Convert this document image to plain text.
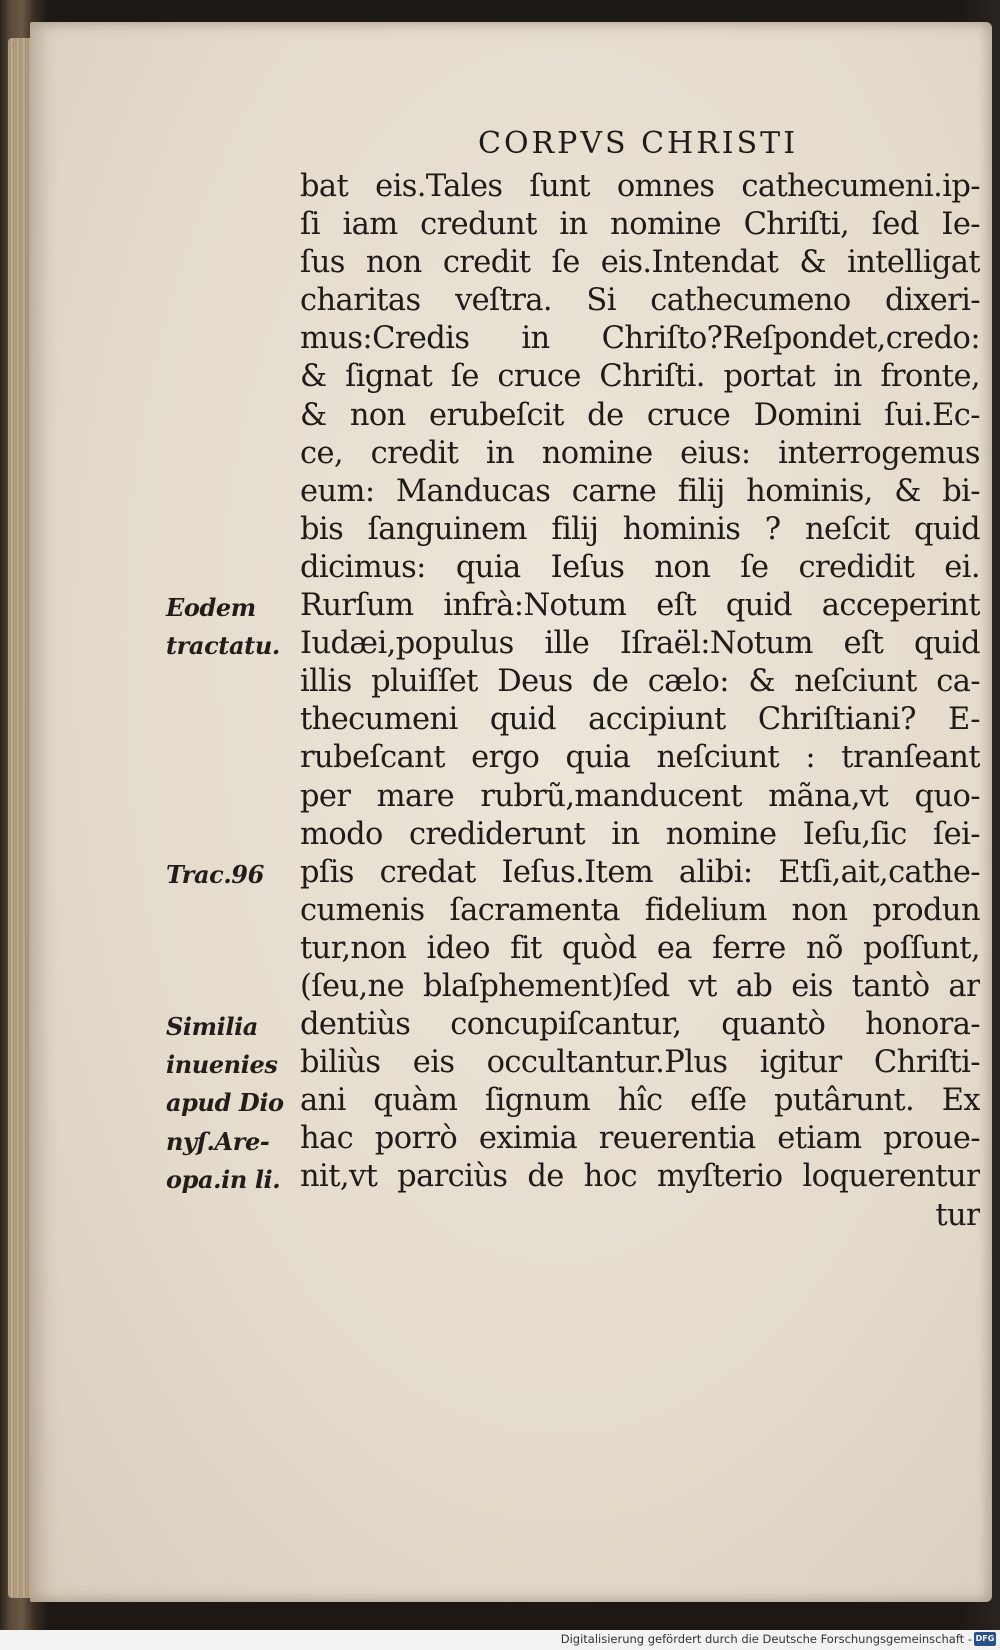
CORPVS CHRISTI
bat eis.Tales ſunt omnes cathecumeni.ip-
ſi iam credunt in nomine Chriſti, ſed Ie-
ſus non credit ſe eis.Intendat & intelligat
charitas veſtra. Si cathecumeno dixeri-
mus:Credis in Chriſto?Reſpondet,credo:
& ſignat ſe cruce Chriſti. portat in fronte,
& non erubeſcit de cruce Domini ſui.Ec-
ce, credit in nomine eius: interrogemus
eum: Manducas carne filij hominis, & bi-
bis ſanguinem filij hominis ? neſcit quid
dicimus: quia Ieſus non ſe credidit ei.
Rurſum infrà:Notum eſt quid acceperint
Iudæi,populus ille Iſraël:Notum eſt quid
illis pluiſſet Deus de cælo: & neſciunt ca-
thecumeni quid accipiunt Chriſtiani? E-
rubeſcant ergo quia neſciunt : tranſeant
per mare rubrũ,manducent mãna,vt quo-
modo crediderunt in nomine Ieſu,ſic ſei-
pſis credat Ieſus.Item alibi: Etſi,ait,cathe-
cumenis ſacramenta fidelium non produn
tur,non ideo fit quòd ea ferre nõ poſſunt,
(ſeu,ne blaſphement)ſed vt ab eis tantò ar
dentiùs concupiſcantur, quantò honora-
biliùs eis occultantur.Plus igitur Chriſti-
ani quàm ſignum hîc eſſe putârunt. Ex
hac porrò eximia reuerentia etiam proue-
nit,vt parciùs de hoc myſterio loquerentur
tur
Eodem
tractatu.
Trac.96
Similia
inuenies
apud Dio
nyſ.Are-
opa.in li.
Digitalisierung gefördert durch die Deutsche Forschungsgemeinschaft - DFG
